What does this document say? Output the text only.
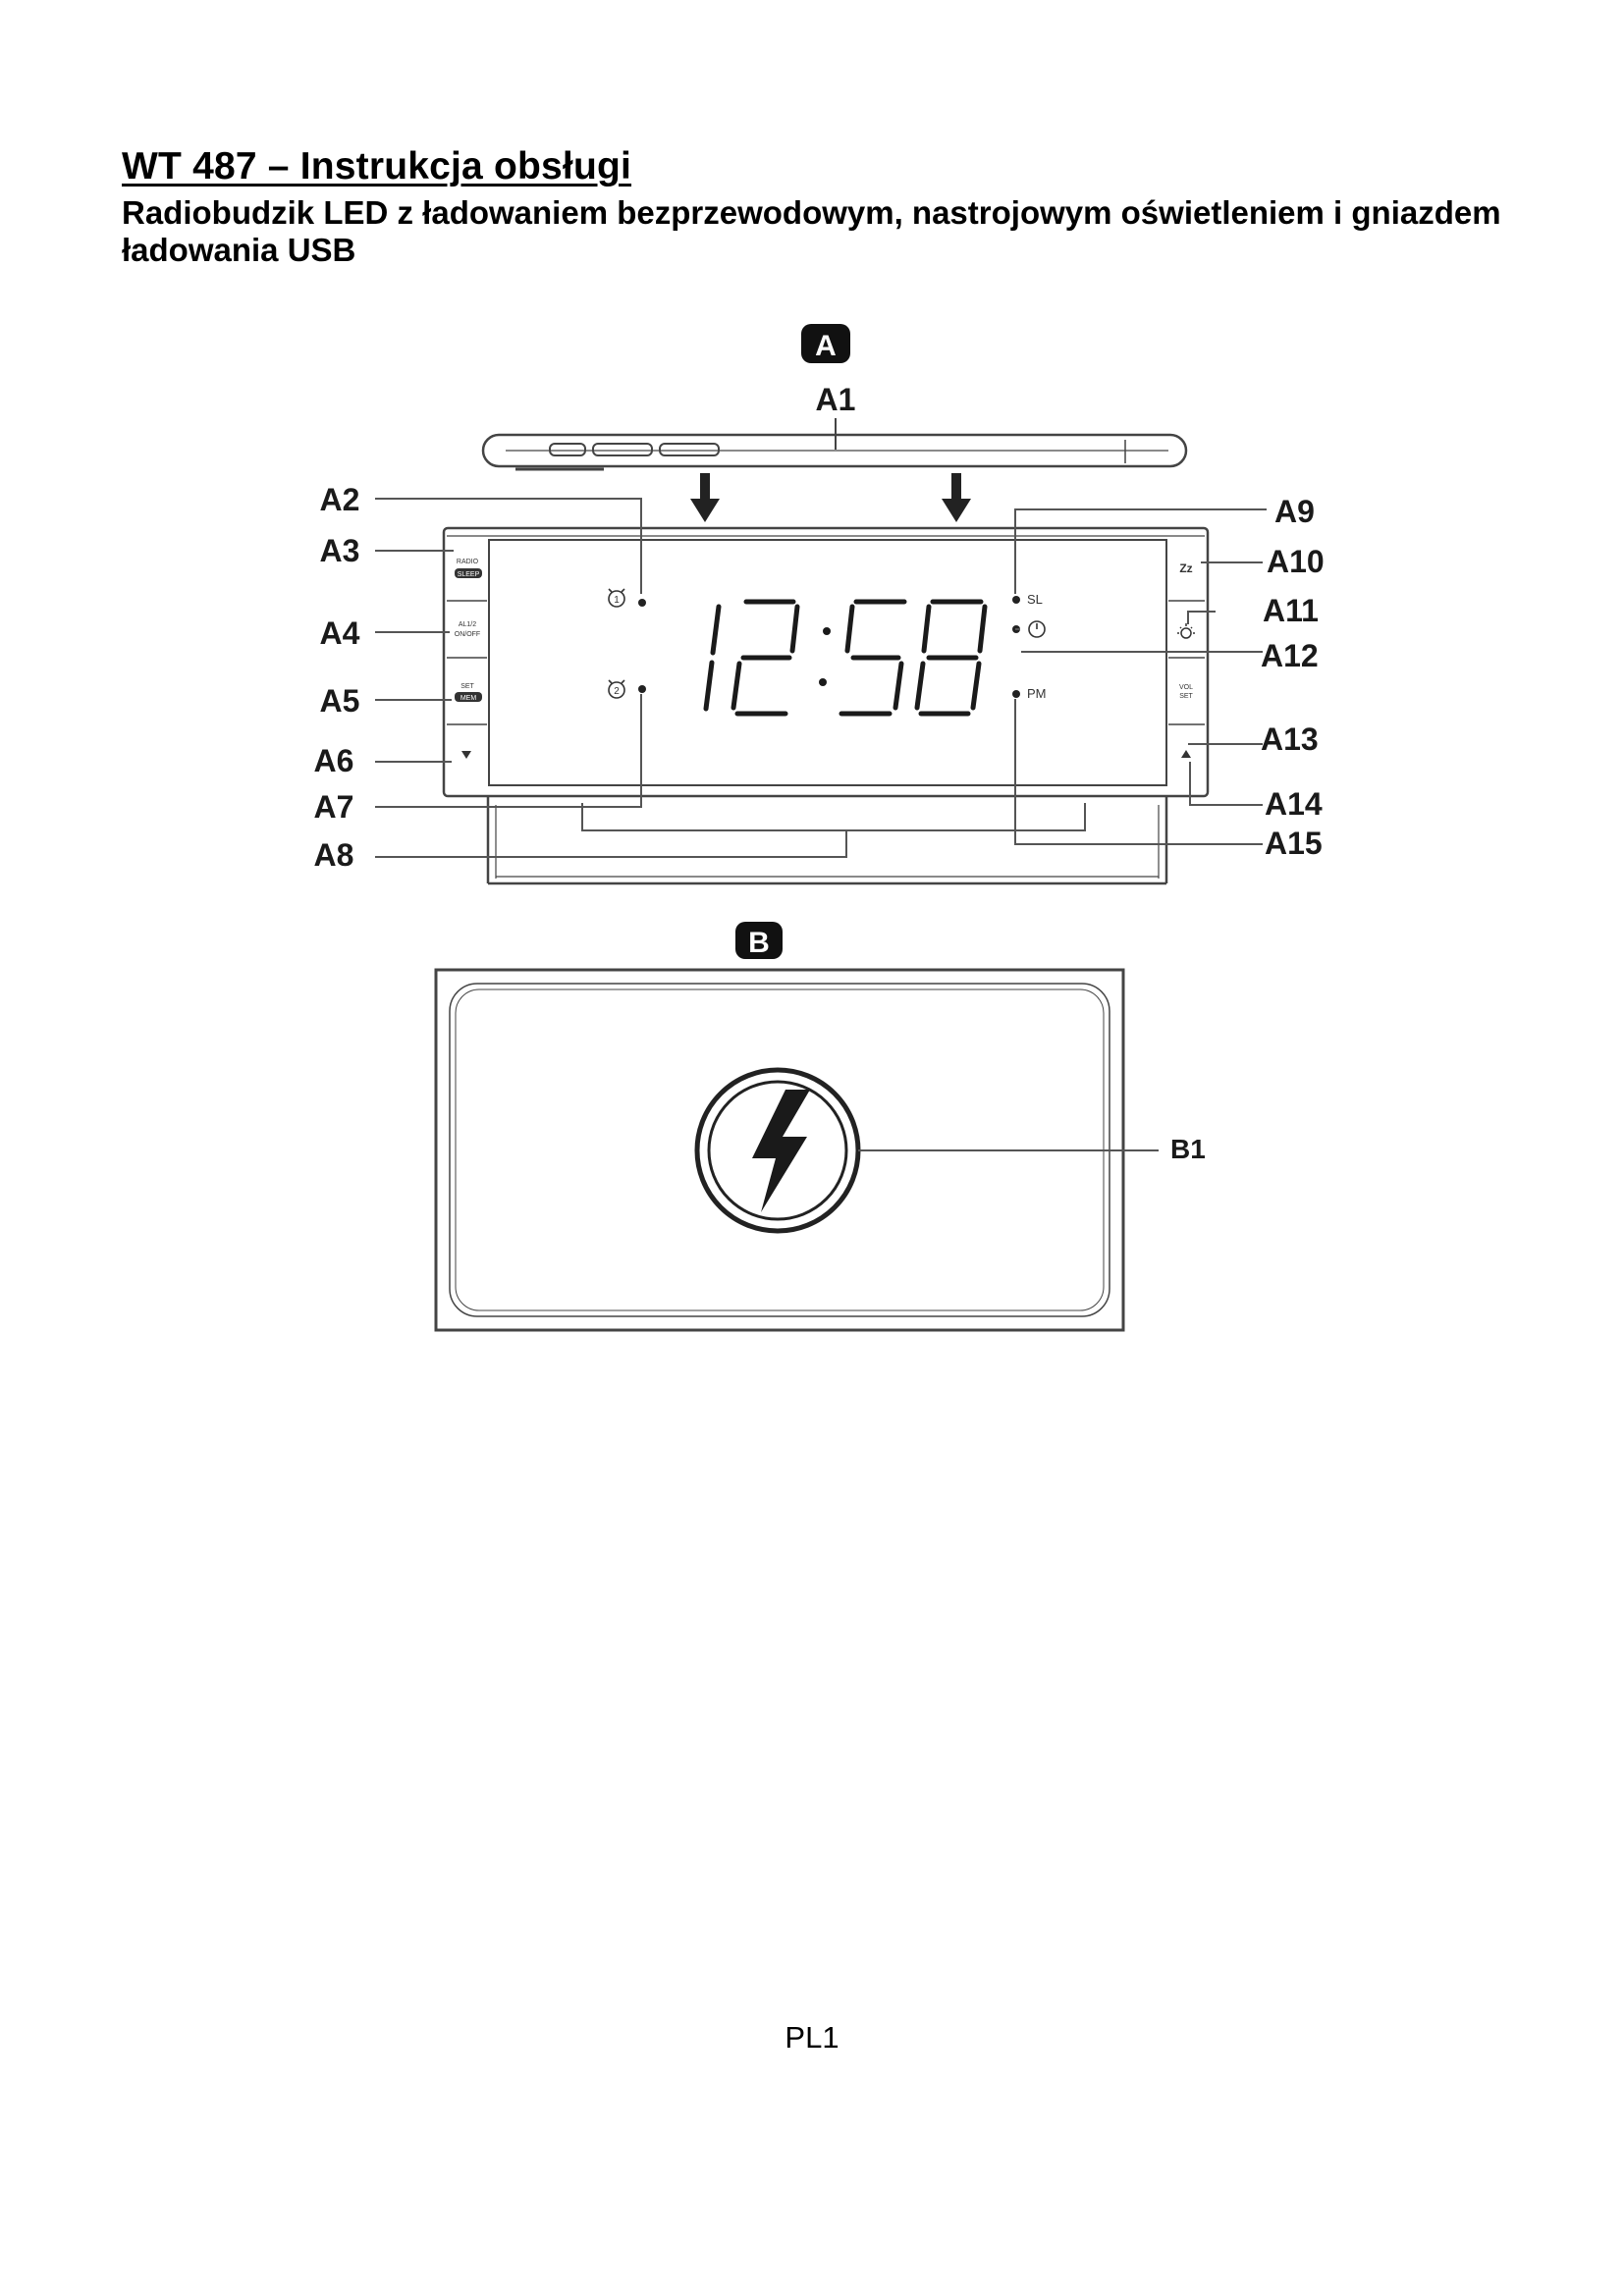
WT 487 – Instrukcja obsługi

Radiobudzik LED z ładowaniem bezprzewodowym, nastrojowym oświetleniem i gniazdem ładowania USB

A
A1
RADIO
SLEEP
AL1/2
ON/OFF
SET
MEM
Zz
VOL
SET
1
2
SL
PM
A2
A3
A4
A5
A6
A7
A8
A9
A10
A11
A12
A13
A14
A15
B
B1

PL1
